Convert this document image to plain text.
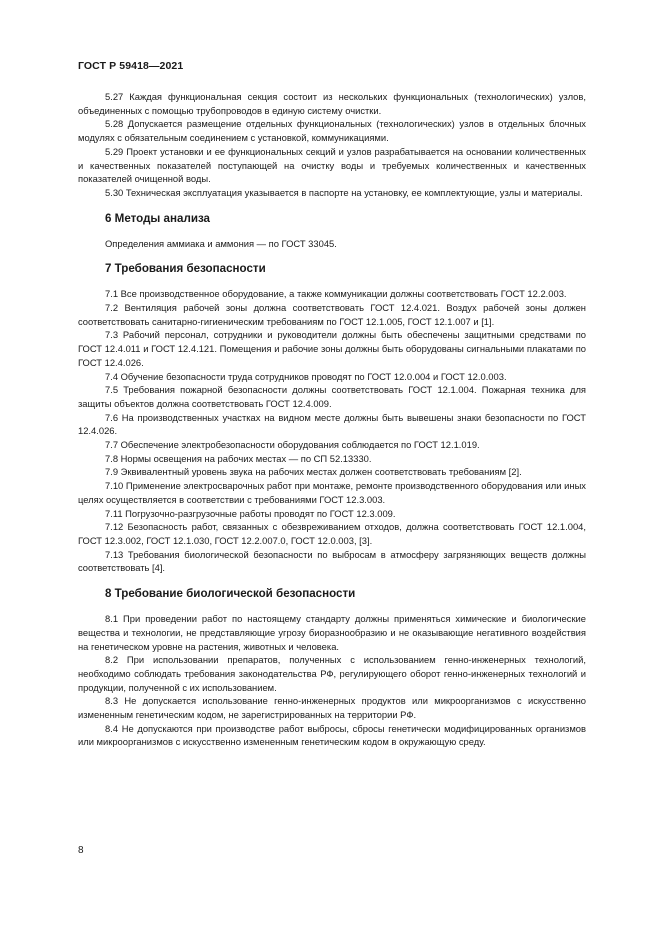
ГОСТ Р 59418—2021

5.27 Каждая функциональная секция состоит из нескольких функциональных (технологических) узлов, объединенных с помощью трубопроводов в единую систему очистки.

5.28 Допускается размещение отдельных функциональных (технологических) узлов в отдельных блочных модулях с обязательным соединением с установкой, коммуникациями.

5.29 Проект установки и ее функциональных секций и узлов разрабатывается на основании количественных и качественных показателей поступающей на очистку воды и требуемых количественных и качественных показателей очищенной воды.

5.30 Техническая эксплуатация указывается в паспорте на установку, ее комплектующие, узлы и материалы.

6 Методы анализа

Определения аммиака и аммония — по ГОСТ 33045.

7 Требования безопасности

7.1 Все производственное оборудование, а также коммуникации должны соответствовать ГОСТ 12.2.003.

7.2 Вентиляция рабочей зоны должна соответствовать ГОСТ 12.4.021. Воздух рабочей зоны должен соответствовать санитарно-гигиеническим требованиям по ГОСТ 12.1.005, ГОСТ 12.1.007 и [1].

7.3 Рабочий персонал, сотрудники и руководители должны быть обеспечены защитными средствами по ГОСТ 12.4.011 и ГОСТ 12.4.121. Помещения и рабочие зоны должны быть оборудованы сигнальными плакатами по ГОСТ 12.4.026.

7.4 Обучение безопасности труда сотрудников проводят по ГОСТ 12.0.004 и ГОСТ 12.0.003.

7.5 Требования пожарной безопасности должны соответствовать ГОСТ 12.1.004. Пожарная техника для защиты объектов должна соответствовать ГОСТ 12.4.009.

7.6 На производственных участках на видном месте должны быть вывешены знаки безопасности по ГОСТ 12.4.026.

7.7 Обеспечение электробезопасности оборудования соблюдается по ГОСТ 12.1.019.

7.8 Нормы освещения на рабочих местах — по СП 52.13330.

7.9 Эквивалентный уровень звука на рабочих местах должен соответствовать требованиям [2].

7.10 Применение электросварочных работ при монтаже, ремонте производственного оборудования или иных целях осуществляется в соответствии с требованиями ГОСТ 12.3.003.

7.11 Погрузочно-разгрузочные работы проводят по ГОСТ 12.3.009.

7.12 Безопасность работ, связанных с обезвреживанием отходов, должна соответствовать ГОСТ 12.1.004, ГОСТ 12.3.002, ГОСТ 12.1.030, ГОСТ 12.2.007.0, ГОСТ 12.0.003, [3].

7.13 Требования биологической безопасности по выбросам в атмосферу загрязняющих веществ должны соответствовать [4].

8 Требование биологической безопасности

8.1 При проведении работ по настоящему стандарту должны применяться химические и биологические вещества и технологии, не представляющие угрозу биоразнообразию и не оказывающие негативного воздействия на генетическом уровне на растения, животных и человека.

8.2 При использовании препаратов, полученных с использованием генно-инженерных технологий, необходимо соблюдать требования законодательства РФ, регулирующего оборот генно-инженерных технологий и продукции, полученной с их использованием.

8.3 Не допускается использование генно-инженерных продуктов или микроорганизмов с искусственно измененным генетическим кодом, не зарегистрированных на территории РФ.

8.4 Не допускаются при производстве работ выбросы, сбросы генетически модифицированных организмов или микроорганизмов с искусственно измененным генетическим кодом в окружающую среду.

8
